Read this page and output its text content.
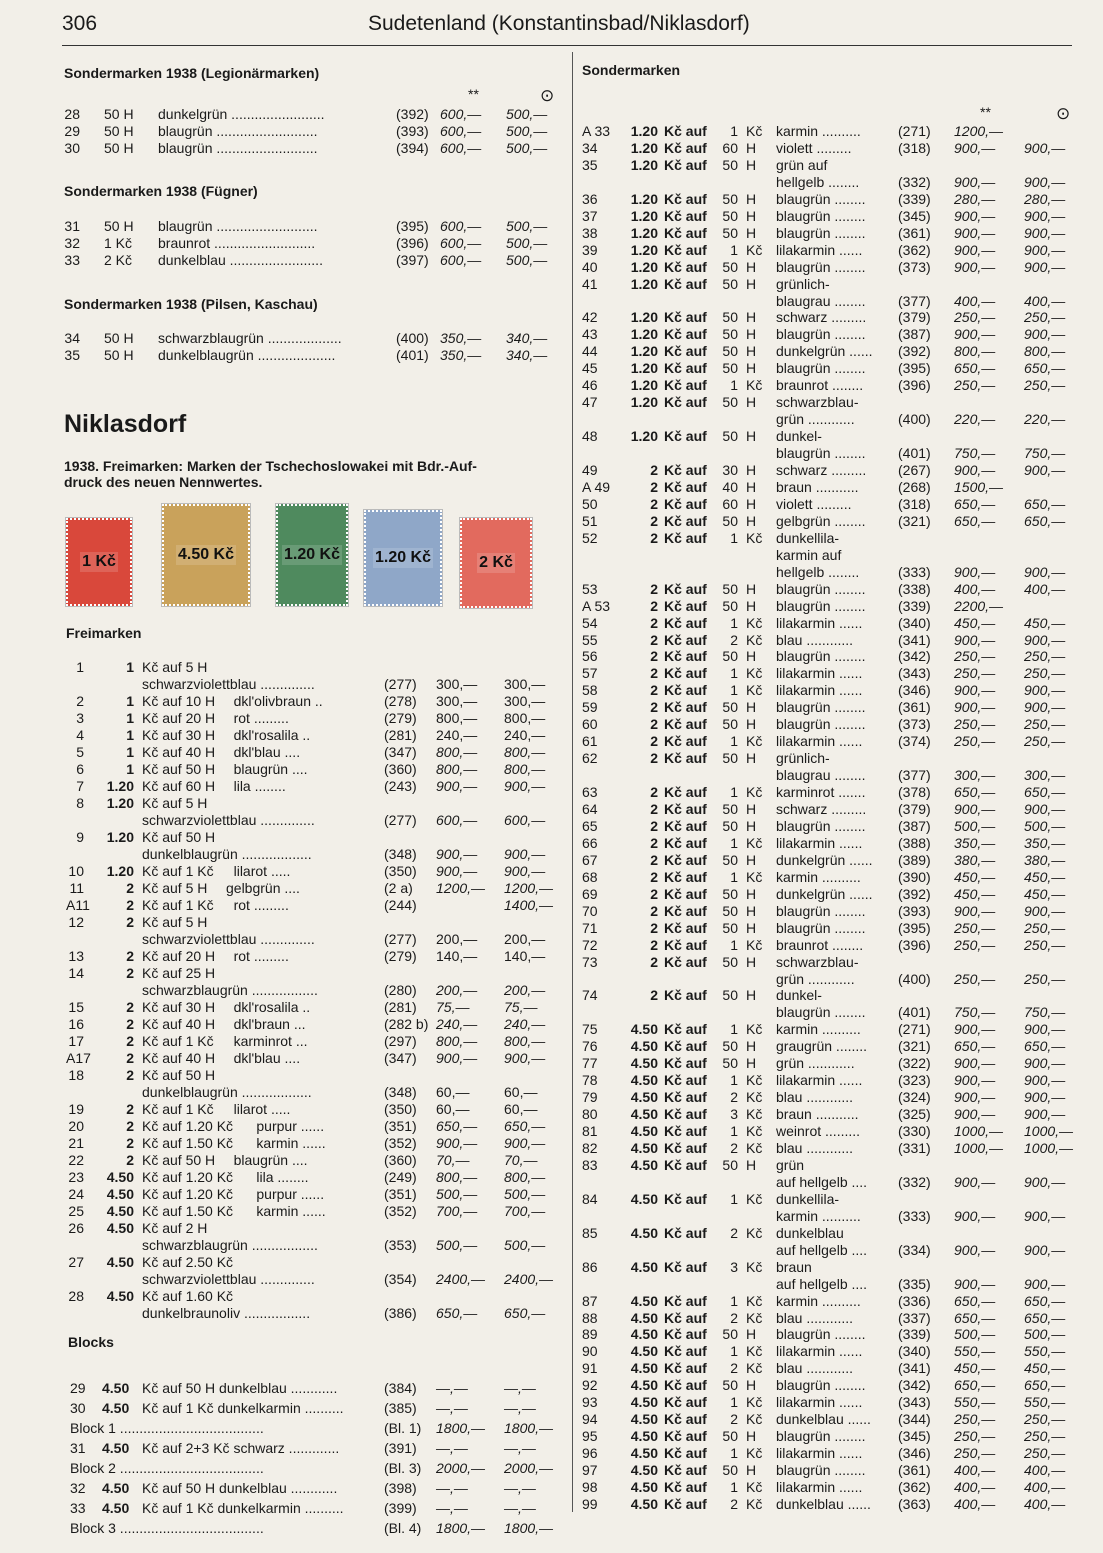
306	Sudetenland (Konstantinsbad/Niklasdorf)
Sondermarken 1938 (Legionärmarken)
**	⊙
28 50 H dunkelgrün ........................	(392) 600,— 500,—
29 50 H blaugrün ..........................	(393) 600,— 500,—
30 50 H blaugrün ..........................	(394) 600,— 500,—
Sondermarken 1938 (Fügner)
31 50 H blaugrün ..........................	(395) 600,— 500,—
32 1 Kč braunrot ..........................	(396) 600,— 500,—
33 2 Kč dunkelblau ........................	(397) 600,— 500,—
Sondermarken 1938 (Pilsen, Kaschau)
34 50 H schwarzblaugrün ...................	(400) 350,— 340,—
35 50 H dunkelblaugrün ....................	(401) 350,— 340,—
Niklasdorf
1938. Freimarken: Marken der Tschechoslowakei mit Bdr.-Auf-
druck des neuen Nennwertes.
1 Kč	4.50 Kč	1.20 Kč 1.20 Kč	2 Kč
Freimarken
1	1 Kč auf 5 H
schwarzviolettblau ..............	(277) 300,— 300,—
2	1 Kč auf 10 H dkl'olivbraun ..	(278) 300,— 300,—
3	1 Kč auf 20 H rot .........	(279) 800,— 800,—
4	1 Kč auf 30 H dkl'rosalila ..	(281) 240,— 240,—
5	1 Kč auf 40 H dkl'blau ....	(347) 800,— 800,—
6	1 Kč auf 50 H blaugrün ....	(360) 800,— 800,—
7	1.20 Kč auf 60 H lila ........	(243) 900,— 900,—
8	1.20 Kč auf 5 H
schwarzviolettblau ..............	(277) 600,— 600,—
9	1.20 Kč auf 50 H
dunkelblaugrün ..................	(348) 900,— 900,—
10	1.20 Kč auf 1 Kč lilarot .....	(350) 900,— 900,—
11	2 Kč auf 5 H gelbgrün ....	(2 a) 1200,— 1200,—
A11	2 Kč auf 1 Kč rot .........	(244)	1400,—
12	2 Kč auf 5 H
schwarzviolettblau ..............	(277) 200,— 200,—
13	2 Kč auf 20 H rot .........	(279) 140,— 140,—
14	2 Kč auf 25 H
schwarzblaugrün .................	(280) 200,— 200,—
15	2 Kč auf 30 H dkl'rosalila ..	(281) 75,— 75,—
16	2 Kč auf 40 H dkl'braun ...	(282 b) 240,— 240,—
17	2 Kč auf 1 Kč karminrot ...	(297) 800,— 800,—
A17	2 Kč auf 40 H dkl'blau ....	(347) 900,— 900,—
18	2 Kč auf 50 H
dunkelblaugrün ..................	(348) 60,— 60,—
19	2 Kč auf 1 Kč lilarot .....	(350) 60,— 60,—
20	2 Kč auf 1.20 Kč purpur ......	(351) 650,— 650,—
21	2 Kč auf 1.50 Kč karmin ......	(352) 900,— 900,—
22	2 Kč auf 50 H blaugrün ....	(360) 70,— 70,—
23	4.50 Kč auf 1.20 Kč lila ........	(249) 800,— 800,—
24	4.50 Kč auf 1.20 Kč purpur ......	(351) 500,— 500,—
25	4.50 Kč auf 1.50 Kč karmin ......	(352) 700,— 700,—
26	4.50 Kč auf 2 H
schwarzblaugrün .................	(353) 500,— 500,—
27	4.50 Kč auf 2.50 Kč
schwarzviolettblau ..............	(354) 2400,— 2400,—
28	4.50 Kč auf 1.60 Kč
dunkelbraunoliv .................	(386) 650,— 650,—
Blocks
29 4.50 Kč auf 50 H dunkelblau ............	(384) —,—	—,—
30 4.50 Kč auf 1 Kč dunkelkarmin ..........	(385) —,—	—,—
Block 1 .....................................	(Bl. 1) 1800,— 1800,—
31 4.50 Kč auf 2+3 Kč schwarz .............	(391) —,—	—,—
Block 2 .....................................	(Bl. 3) 2000,— 2000,—
32 4.50 Kč auf 50 H dunkelblau ............	(398) —,—	—,—
33 4.50 Kč auf 1 Kč dunkelkarmin ..........	(399) —,—	—,—
Block 3 .....................................	(Bl. 4) 1800,— 1800,—
Sondermarken
**	⊙
A 33	1.20 Kč auf	1 Kč karmin ..........	(271) 1200,—
34	1.20 Kč auf	60 H violett .........	(318) 900,— 900,—
35	1.20 Kč auf	50 H grün auf
hellgelb ........	(332) 900,— 900,—
36	1.20 Kč auf	50 H blaugrün ........ (339) 280,— 280,—
37	1.20 Kč auf	50 H blaugrün ........ (345) 900,— 900,—
38	1.20 Kč auf	50 H blaugrün ........ (361) 900,— 900,—
39	1.20 Kč auf	1 Kč lilakarmin ......	(362) 900,— 900,—
40	1.20 Kč auf	50 H blaugrün ........ (373) 900,— 900,—
41	1.20 Kč auf	50 H grünlich-
blaugrau ........ (377) 400,— 400,—
42	1.20 Kč auf	50 H schwarz ......... (379) 250,— 250,—
43	1.20 Kč auf	50 H blaugrün ........ (387) 900,— 900,—
44	1.20 Kč auf	50 H dunkelgrün ...... (392) 800,— 800,—
45	1.20 Kč auf	50 H blaugrün ........ (395) 650,— 650,—
46	1.20 Kč auf	1 Kč braunrot ........ (396) 250,— 250,—
47	1.20 Kč auf	50 H schwarzblau-
grün ............	(400) 220,— 220,—
48	1.20 Kč auf	50 H dunkel-
blaugrün ........ (401) 750,— 750,—
49	2 Kč auf	30 H schwarz ......... (267) 900,— 900,—
A 49	2 Kč auf	40 H braun ...........	(268) 1500,—
50	2 Kč auf	60 H violett .........	(318) 650,— 650,—
51	2 Kč auf	50 H gelbgrün ........ (321) 650,— 650,—
52	2 Kč auf	1 Kč dunkellila-
karmin auf
hellgelb ........	(333) 900,— 900,—
53	2 Kč auf	50 H blaugrün ........ (338) 400,— 400,—
A 53	2 Kč auf	50 H blaugrün ........ (339) 2200,—
54	2 Kč auf	1 Kč lilakarmin ......	(340) 450,— 450,—
55	2 Kč auf	2 Kč blau ............	(341) 900,— 900,—
56	2 Kč auf	50 H blaugrün ........ (342) 250,— 250,—
57	2 Kč auf	1 Kč lilakarmin ......	(343) 250,— 250,—
58	2 Kč auf	1 Kč lilakarmin ......	(346) 900,— 900,—
59	2 Kč auf	50 H blaugrün ........ (361) 900,— 900,—
60	2 Kč auf	50 H blaugrün ........ (373) 250,— 250,—
61	2 Kč auf	1 Kč lilakarmin ......	(374) 250,— 250,—
62	2 Kč auf	50 H grünlich-
blaugrau ........ (377) 300,— 300,—
63	2 Kč auf	1 Kč karminrot ....... (378) 650,— 650,—
64	2 Kč auf	50 H schwarz ......... (379) 900,— 900,—
65	2 Kč auf	50 H blaugrün ........ (387) 500,— 500,—
66	2 Kč auf	1 Kč lilakarmin ......	(388) 350,— 350,—
67	2 Kč auf	50 H dunkelgrün ...... (389) 380,— 380,—
68	2 Kč auf	1 Kč karmin ..........	(390) 450,— 450,—
69	2 Kč auf	50 H dunkelgrün ...... (392) 450,— 450,—
70	2 Kč auf	50 H blaugrün ........ (393) 900,— 900,—
71	2 Kč auf	50 H blaugrün ........ (395) 250,— 250,—
72	2 Kč auf	1 Kč braunrot ........ (396) 250,— 250,—
73	2 Kč auf	50 H schwarzblau-
grün ............	(400) 250,— 250,—
74	2 Kč auf	50 H dunkel-
blaugrün ........ (401) 750,— 750,—
75	4.50 Kč auf	1 Kč karmin ..........	(271) 900,— 900,—
76	4.50 Kč auf	50 H graugrün ........ (321) 650,— 650,—
77	4.50 Kč auf	50 H grün ............	(322) 900,— 900,—
78	4.50 Kč auf	1 Kč lilakarmin ......	(323) 900,— 900,—
79	4.50 Kč auf	2 Kč blau ............	(324) 900,— 900,—
80	4.50 Kč auf	3 Kč braun ...........	(325) 900,— 900,—
81	4.50 Kč auf	1 Kč weinrot .........	(330) 1000,— 1000,—
82	4.50 Kč auf	2 Kč blau ............	(331) 1000,— 1000,—
83	4.50 Kč auf	50 H grün
auf hellgelb .... (332) 900,— 900,—
84	4.50 Kč auf	1 Kč dunkellila-
karmin ..........	(333) 900,— 900,—
85	4.50 Kč auf	2 Kč dunkelblau
auf hellgelb .... (334) 900,— 900,—
86	4.50 Kč auf	3 Kč braun
auf hellgelb .... (335) 900,— 900,—
87	4.50 Kč auf	1 Kč karmin ..........	(336) 650,— 650,—
88	4.50 Kč auf	2 Kč blau ............	(337) 650,— 650,—
89	4.50 Kč auf	50 H blaugrün ........ (339) 500,— 500,—
90	4.50 Kč auf	1 Kč lilakarmin ......	(340) 550,— 550,—
91	4.50 Kč auf	2 Kč blau ............	(341) 450,— 450,—
92	4.50 Kč auf	50 H blaugrün ........ (342) 650,— 650,—
93	4.50 Kč auf	1 Kč lilakarmin ......	(343) 550,— 550,—
94	4.50 Kč auf	2 Kč dunkelblau ...... (344) 250,— 250,—
95	4.50 Kč auf	50 H blaugrün ........ (345) 250,— 250,—
96	4.50 Kč auf	1 Kč lilakarmin ......	(346) 250,— 250,—
97	4.50 Kč auf	50 H blaugrün ........ (361) 400,— 400,—
98	4.50 Kč auf	1 Kč lilakarmin ......	(362) 400,— 400,—
99	4.50 Kč auf	2 Kč dunkelblau ...... (363) 400,— 400,—
